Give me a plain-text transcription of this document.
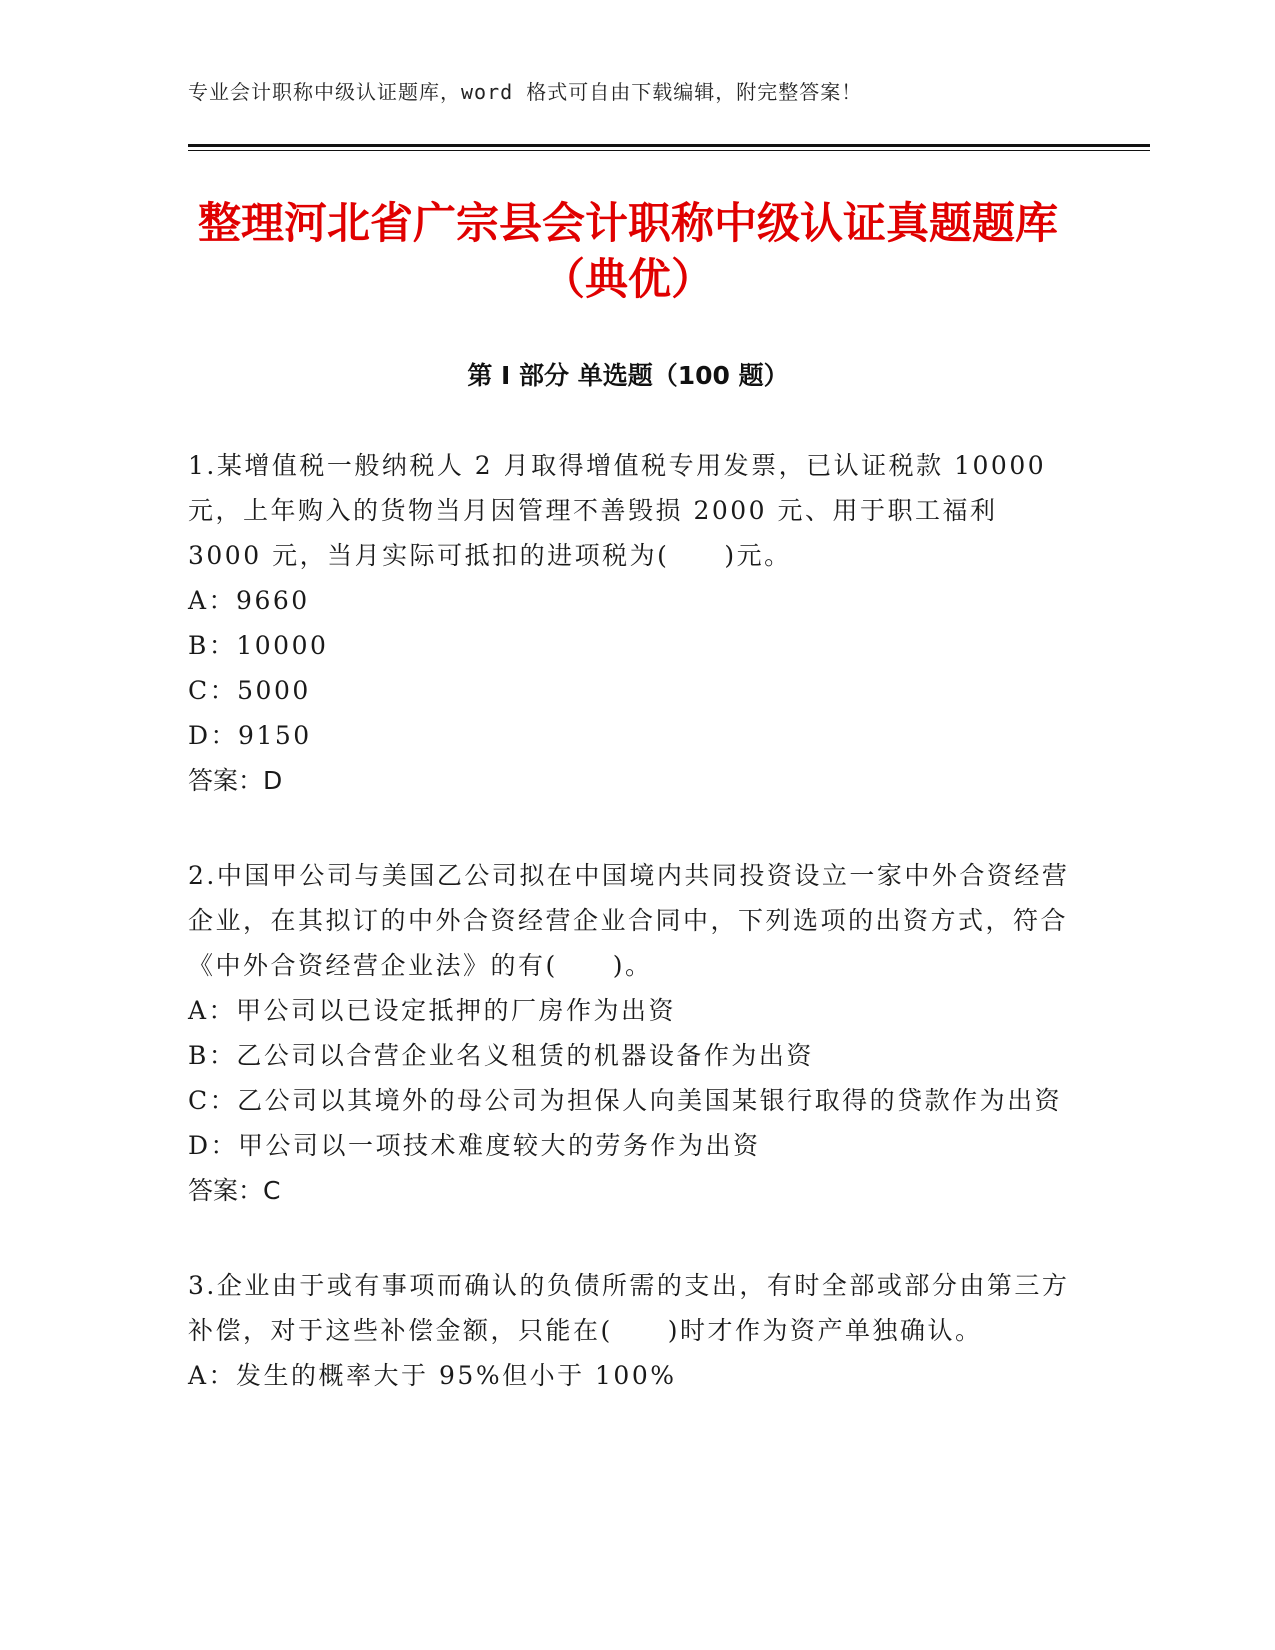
专业会计职称中级认证题库，word 格式可自由下载编辑，附完整答案！
整理河北省广宗县会计职称中级认证真题题库（典优）
第 I 部分 单选题（100 题）

1.某增值税一般纳税人 2 月取得增值税专用发票，已认证税款 10000 元，上年购入的货物当月因管理不善毁损 2000 元、用于职工福利 3000 元，当月实际可抵扣的进项税为(　　)元。

A：9660

B：10000

C：5000

D：9150

答案：D

2.中国甲公司与美国乙公司拟在中国境内共同投资设立一家中外合资经营企业，在其拟订的中外合资经营企业合同中，下列选项的出资方式，符合《中外合资经营企业法》的有(　　)。

A：甲公司以已设定抵押的厂房作为出资

B：乙公司以合营企业名义租赁的机器设备作为出资

C：乙公司以其境外的母公司为担保人向美国某银行取得的贷款作为出资

D：甲公司以一项技术难度较大的劳务作为出资

答案：C

3.企业由于或有事项而确认的负债所需的支出，有时全部或部分由第三方补偿，对于这些补偿金额，只能在(　　)时才作为资产单独确认。

A：发生的概率大于 95%但小于 100%
